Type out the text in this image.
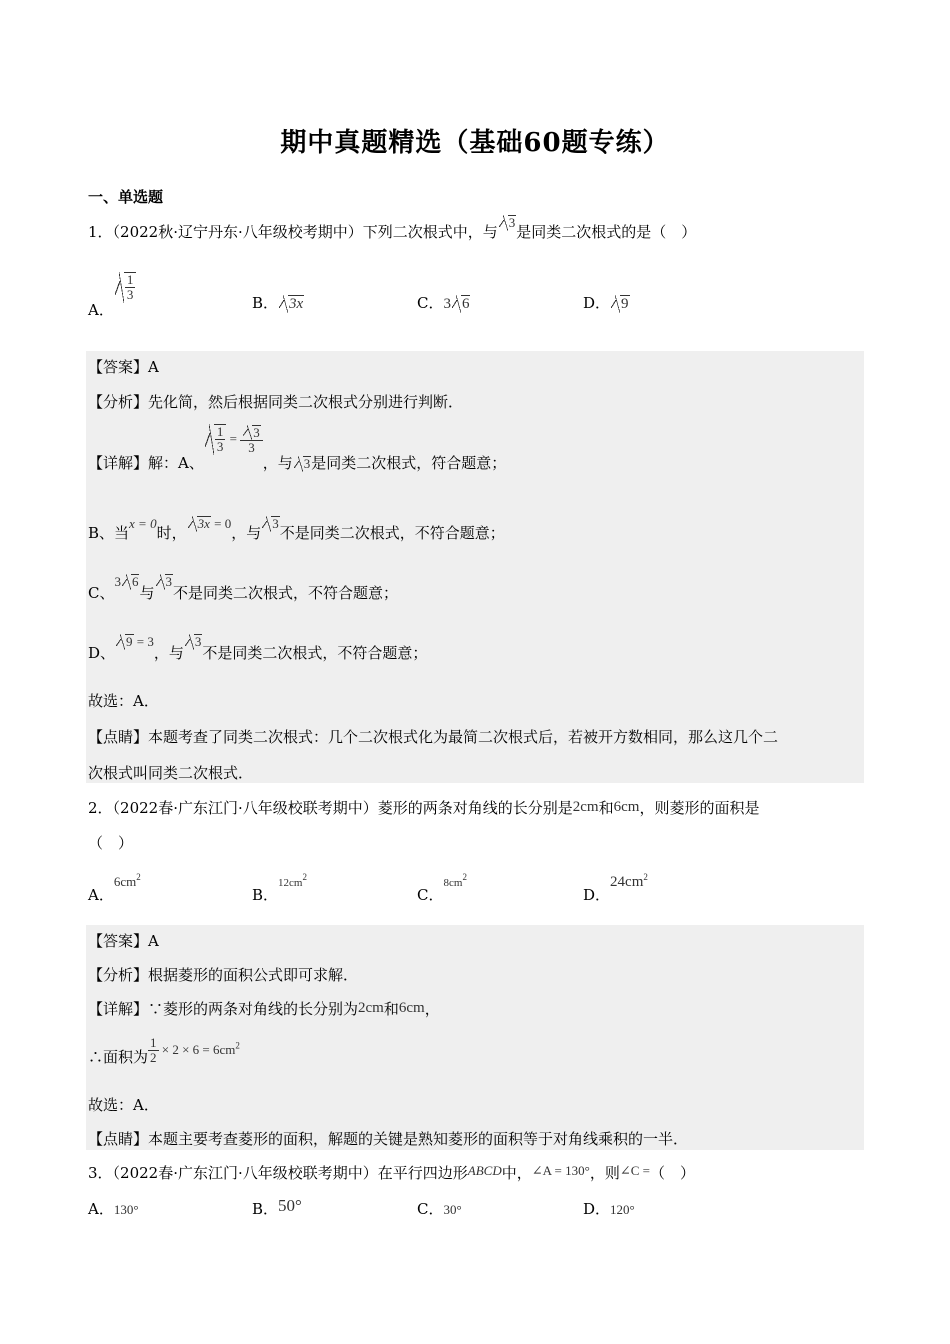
期中真题精选（基础60题专练）
一、单选题
1．（2022秋·辽宁丹东·八年级校考期中）下列二次根式中，与3是同类二次根式的是（　）
A．
$\frac{1}{3}$
B． 3x	C．3 6	D． 9
【答案】A
【分析】先化简，然后根据同类二次根式分别进行判断．
【详解】解：A、
$\frac{1}{3} = \frac{3}{3}$
，与 3是同类二次根式，符合题意；
B、当x = 0时，3x = 0，与3不是同类二次根式，不符合题意；
C、3 6与3不是同类二次根式，不符合题意；
D、9 = 3，与3不是同类二次根式，不符合题意；
故选：A．
【点睛】本题考查了同类二次根式：几个二次根式化为最简二次根式后，若被开方数相同，那么这几个二
次根式叫同类二次根式．
2．（2022春·广东江门·八年级校联考期中）菱形的两条对角线的长分别是2cm和6cm，则菱形的面积是
（　）
A．$6cm^2$
B．$12cm^2$
C．$8cm^2$
D．$24cm^2$
【答案】A
【分析】根据菱形的面积公式即可求解．
【详解】∵菱形的两条对角线的长分别为2cm和6cm，
∴面积为 $\frac{1}{2} \times 2 \times 6 = 6cm^2$
故选：A．
【点睛】本题主要考查菱形的面积，解题的关键是熟知菱形的面积等于对角线乘积的一半．
3．（2022春·广东江门·八年级校联考期中）在平行四边形ABCD中，∠A = 130°，则∠C =（　）
A．130°	B．50°	C．30°	D．120°
